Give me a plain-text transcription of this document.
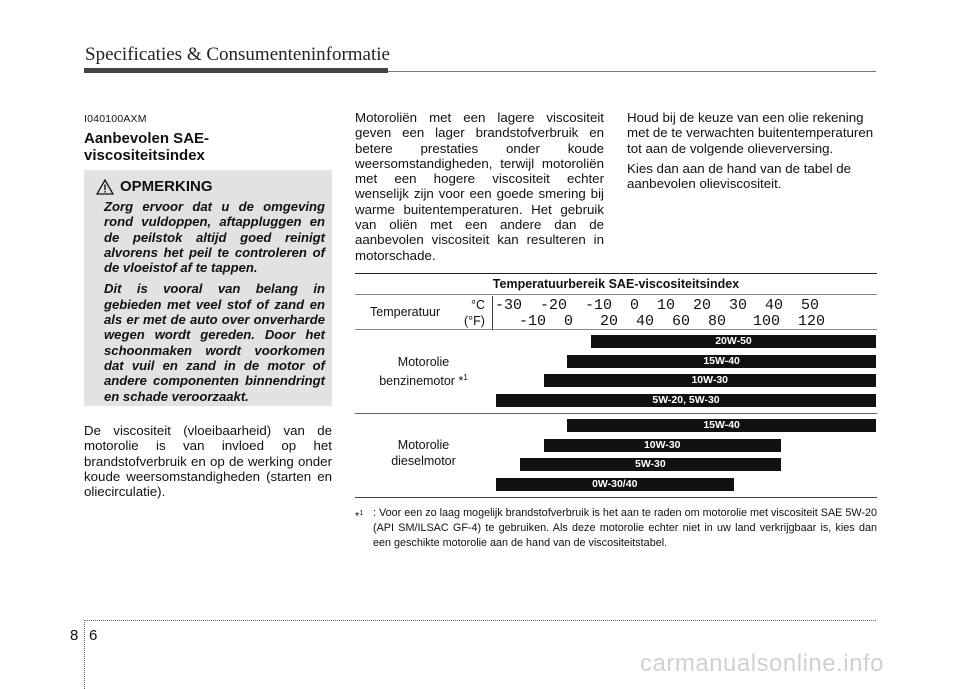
Specificaties & Consumenteninformatie
I040100AXM
Aanbevolen SAE-viscositeitsindex
OPMERKING

Zorg ervoor dat u de omgeving rond vuldoppen, aftappluggen en de peilstok altijd goed reinigt alvorens het peil te controleren of de vloeistof af te tappen.

Dit is vooral van belang in gebieden met veel stof of zand en als er met de auto over onverharde wegen wordt gereden. Door het schoonmaken wordt voorkomen dat vuil en zand in de motor of andere componenten binnendringt en schade veroorzaakt.

De viscositeit (vloeibaarheid) van de motorolie is van invloed op het brandstofverbruik en op de werking onder koude weersomstandigheden (starten en oliecirculatie).

Motoroliën met een lagere viscositeit geven een lager brandstofverbruik en betere prestaties onder koude weersomstandigheden, terwijl motoroliën met een hogere viscositeit echter wenselijk zijn voor een goede smering bij warme buitentemperaturen. Het gebruik van oliën met een andere dan de aanbevolen viscositeit kan resulteren in motorschade.

Houd bij de keuze van een olie rekening met de te verwachten buitentemperaturen tot aan de volgende olieverversing.

Kies dan aan de hand van de tabel de aanbevolen olieviscositeit.

Temperatuurbereik SAE-viscositeitsindex
Temperatuur °C
(°F)
-30  -20  -10  0  10  20  30  40  50
-10  0   20  40  60  80   100  120
Motorolie
benzinemotor *$^1$
Motorolie
dieselmotor
20W-50
15W-40
10W-30
5W-20, 5W-30
15W-40
10W-30
5W-30
0W-30/40
*$^1$ : Voor een zo laag mogelijk brandstofverbruik is het aan te raden om motorolie met viscositeit SAE 5W-20 (API SM/ILSAC GF-4) te gebruiken. Als deze motorolie echter niet in uw land verkrijgbaar is, kies dan een geschikte motorolie aan de hand van de viscositeitstabel.

8 6
carmanualsonline.info
